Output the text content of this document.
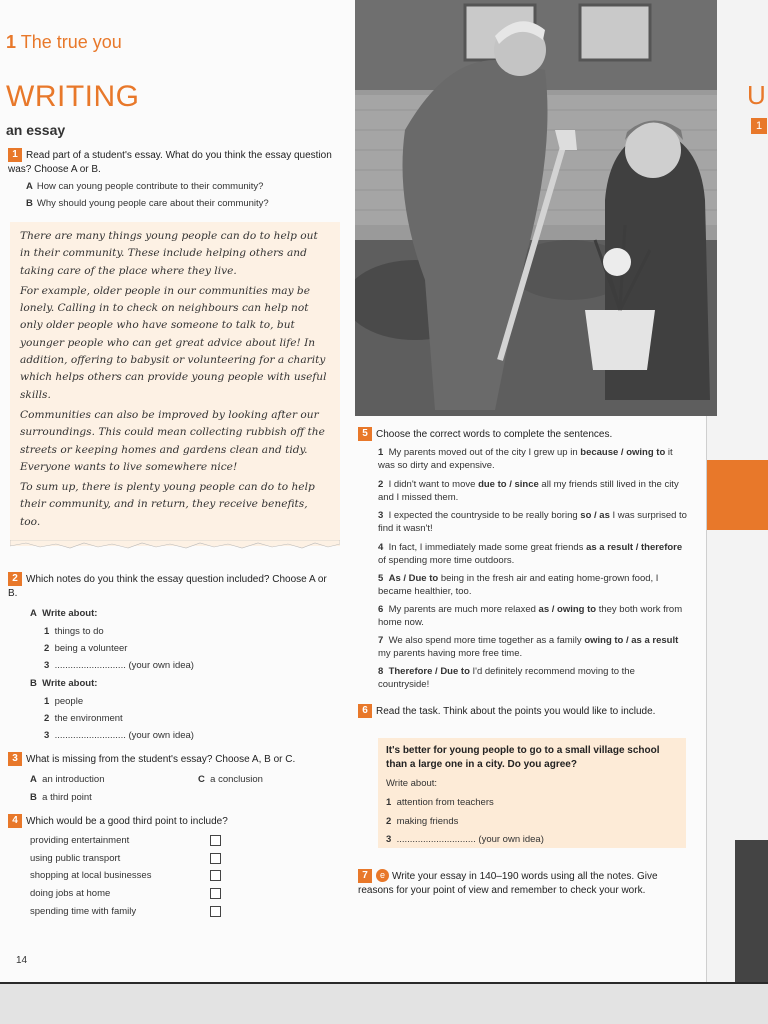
U
1
1 The true you
WRITING
an essay
1 Read part of a student's essay. What do you think the essay question was? Choose A or B.
A How can young people contribute to their community?
B Why should young people care about their community?

There are many things young people can do to help out in their community. These include helping others and taking care of the place where they live.

For example, older people in our communities may be lonely. Calling in to check on neighbours can help not only older people who have someone to talk to, but younger people who can get great advice about life! In addition, offering to babysit or volunteering for a charity which helps others can provide young people with useful skills.

Communities can also be improved by looking after our surroundings. This could mean collecting rubbish off the streets or keeping homes and gardens clean and tidy. Everyone wants to live somewhere nice!

To sum up, there is plenty young people can do to help their community, and in return, they receive benefits, too.

2 Which notes do you think the essay question included? Choose A or B.
A Write about:
1 things to do
2 being a volunteer
3 ........................... (your own idea)
B Write about:
1 people
2 the environment
3 ........................... (your own idea)
3 What is missing from the student's essay? Choose A, B or C.
A an introduction	C a conclusion
B a third point
4 Which would be a good third point to include?
providing entertainment
using public transport
shopping at local businesses
doing jobs at home
spending time with family
14
5 Choose the correct words to complete the sentences.
1 My parents moved out of the city I grew up in because / owing to it was so dirty and expensive.
2 I didn't want to move due to / since all my friends still lived in the city and I missed them.
3 I expected the countryside to be really boring so / as I was surprised to find it wasn't!
4 In fact, I immediately made some great friends as a result / therefore of spending more time outdoors.
5 As / Due to being in the fresh air and eating home-grown food, I became healthier, too.
6 My parents are much more relaxed as / owing to they both work from home now.
7 We also spend more time together as a family owing to / as a result my parents having more free time.
8 Therefore / Due to I'd definitely recommend moving to the countryside!
6 Read the task. Think about the points you would like to include.
It's better for young people to go to a small village school than a large one in a city. Do you agree?
Write about:
1 attention from teachers
2 making friends
3 .............................. (your own idea)
7 e Write your essay in 140–190 words using all the notes. Give reasons for your point of view and remember to check your work.
